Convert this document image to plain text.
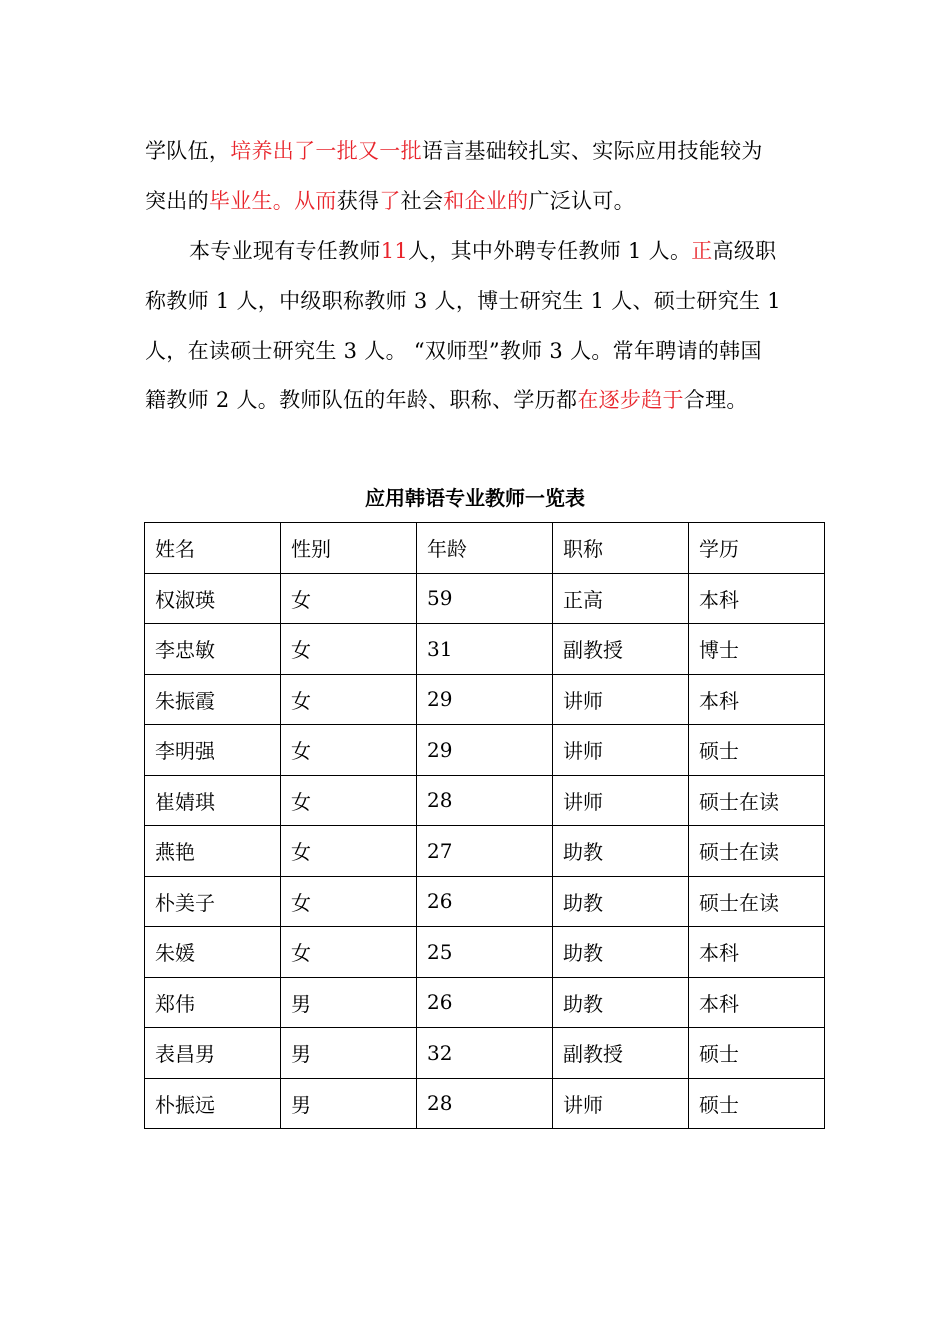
学队伍，培养出了一批又一批语言基础较扎实、实际应用技能较为
突出的毕业生。从而获得了社会和企业的广泛认可。
本专业现有专任教师11人，其中外聘专任教师 1 人。正高级职
称教师 1 人，中级职称教师 3 人，博士研究生 1 人、硕士研究生 1
人，在读硕士研究生 3 人。 “双师型”教师 3 人。常年聘请的韩国
籍教师 2 人。教师队伍的年龄、职称、学历都在逐步趋于合理。
应用韩语专业教师一览表
姓名	性别	年龄	职称	学历
权淑瑛	女	59	正高	本科
李忠敏	女	31	副教授	博士
朱振霞	女	29	讲师	本科
李明强	女	29	讲师	硕士
崔婧琪	女	28	讲师	硕士在读
燕艳	女	27	助教	硕士在读
朴美子	女	26	助教	硕士在读
朱媛	女	25	助教	本科
郑伟	男	26	助教	本科
表昌男	男	32	副教授	硕士
朴振远	男	28	讲师	硕士
